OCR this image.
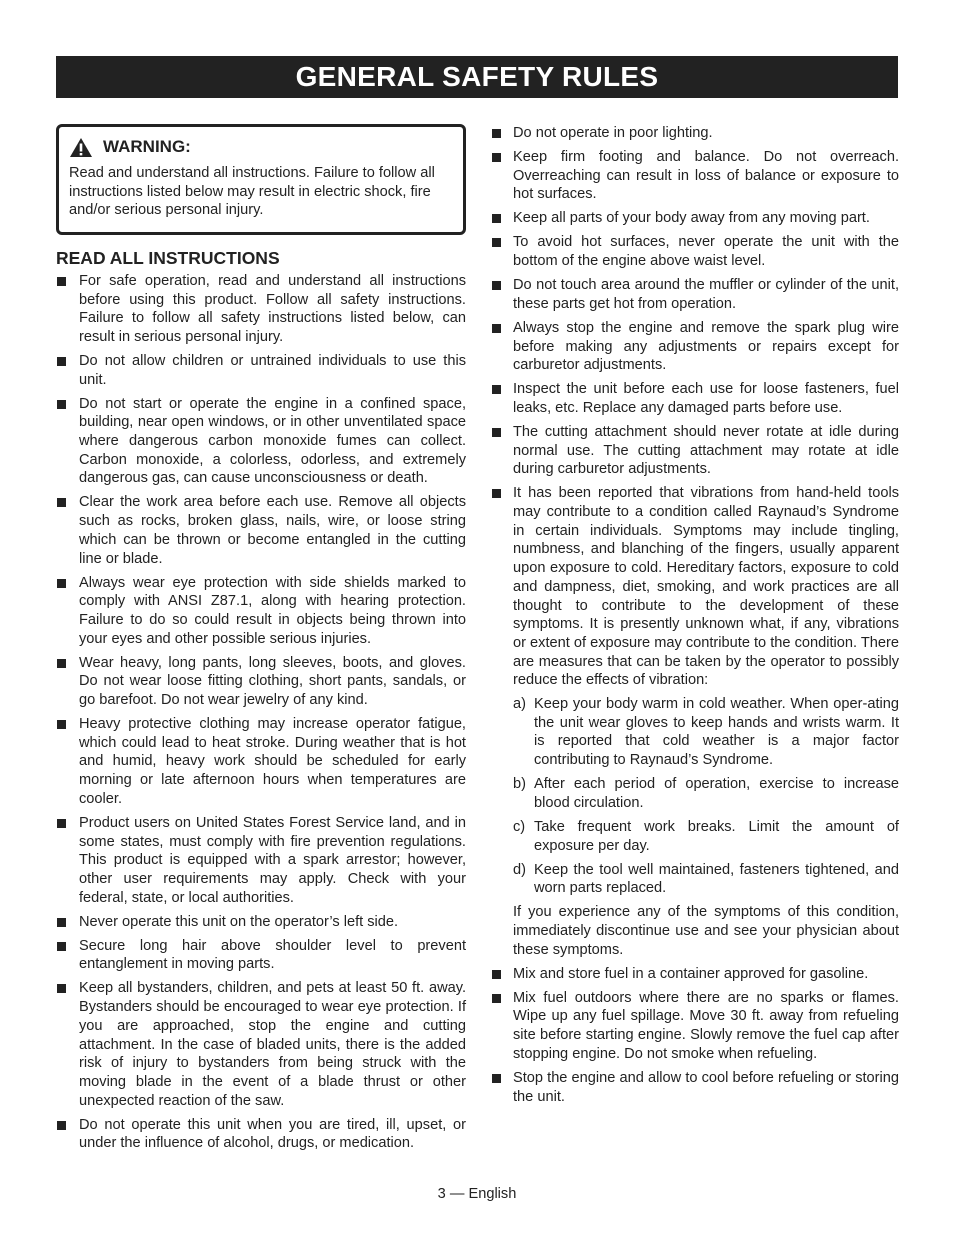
GENERAL SAFETY RULES
WARNING:
Read and understand all instructions. Failure to follow all instructions listed below may result in electric shock, fire and/or serious personal injury.
READ ALL INSTRUCTIONS
For safe operation, read and understand all instructions before using this product. Follow all safety instructions. Failure to follow all safety instructions listed below, can result in serious personal injury.
Do not allow children or untrained individuals to use this unit.
Do not start or operate the engine in a confined space, building, near open windows, or in other unventilated space where dangerous carbon monoxide fumes can collect. Carbon monoxide, a colorless, odorless, and extremely dangerous gas, can cause unconsciousness or death.
Clear the work area before each use. Remove all objects such as rocks, broken glass, nails, wire, or loose string which can be thrown or become entangled in the cutting line or blade.
Always wear eye protection with side shields marked to comply with ANSI Z87.1, along with hearing protection. Failure to do so could result in objects being thrown into your eyes and other possible serious injuries.
Wear heavy, long pants, long sleeves, boots, and gloves. Do not wear loose fitting clothing, short pants, sandals, or go barefoot. Do not wear jewelry of any kind.
Heavy protective clothing may increase operator fatigue, which could lead to heat stroke. During weather that is hot and humid, heavy work should be scheduled for early morning or late afternoon hours when temperatures are cooler.
Product users on United States Forest Service land, and in some states, must comply with fire prevention regulations. This product is equipped with a spark arrestor; however, other user requirements may apply. Check with your federal, state, or local authorities.
Never operate this unit on the operator’s left side.
Secure long hair above shoulder level to prevent entanglement in moving parts.
Keep all bystanders, children, and pets at least 50 ft. away. Bystanders should be encouraged to wear eye protection. If you are approached, stop the engine and cutting attachment. In the case of bladed units, there is the added risk of injury to bystanders from being struck with the moving blade in the event of a blade thrust or other unexpected reaction of the saw.
Do not operate this unit when you are tired, ill, upset, or under the influence of alcohol, drugs, or medication.
Do not operate in poor lighting.
Keep firm footing and balance. Do not overreach. Overreaching can result in loss of balance or exposure to hot surfaces.
Keep all parts of your body away from any moving part.
To avoid hot surfaces, never operate the unit with the bottom of the engine above waist level.
Do not touch area around the muffler or cylinder of the unit, these parts get hot from operation.
Always stop the engine and remove the spark plug wire before making any adjustments or repairs except for carburetor adjustments.
Inspect the unit before each use for loose fasteners, fuel leaks, etc. Replace any damaged parts before use.
The cutting attachment should never rotate at idle during normal use. The cutting attachment may rotate at idle during carburetor adjustments.
It has been reported that vibrations from hand-held tools may contribute to a condition called Raynaud’s Syndrome in certain individuals. Symptoms may include tingling, numbness, and blanching of the fingers, usually apparent upon exposure to cold. Hereditary factors, exposure to cold and dampness, diet, smoking, and work practices are all thought to contribute to the development of these symptoms. It is presently unknown what, if any, vibrations or extent of exposure may contribute to the condition. There are measures that can be taken by the operator to possibly reduce the effects of vibration:
a) Keep your body warm in cold weather. When oper-ating the unit wear gloves to keep hands and wrists warm. It is reported that cold weather is a major factor contributing to Raynaud’s Syndrome.
b) After each period of operation, exercise to increase blood circulation.
c) Take frequent work breaks. Limit the amount of exposure per day.
d) Keep the tool well maintained, fasteners tightened, and worn parts replaced.
If you experience any of the symptoms of this condition, immediately discontinue use and see your physician about these symptoms.
Mix and store fuel in a container approved for gasoline.
Mix fuel outdoors where there are no sparks or flames. Wipe up any fuel spillage. Move 30 ft. away from refueling site before starting engine. Slowly remove the fuel cap after stopping engine. Do not smoke when refueling.
Stop the engine and allow to cool before refueling or storing the unit.
3 — English
